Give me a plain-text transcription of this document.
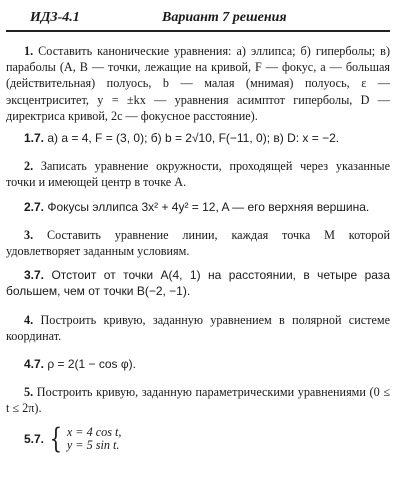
ИДЗ-4.1	Вариант 7 решения

1. Составить канонические уравнения: а) эллипса; б) гиперболы; в) параболы (A, B — точки, лежащие на кривой, F — фокус, a — большая (действительная) полуось, b — малая (мнимая) полуось, ε — эксцентриситет, y = ±kx — уравнения асимптот гиперболы, D — директриса кривой, 2c — фокусное расстояние).

1.7. а) a = 4, F = (3, 0); б) b = 2√10, F(−11, 0); в) D: x = −2.

2. Записать уравнение окружности, проходящей через указанные точки и имеющей центр в точке A.

2.7. Фокусы эллипса 3x² + 4y² = 12, A — его верхняя вершина.

3. Составить уравнение линии, каждая точка M которой удовлетворяет заданным условиям.

3.7. Отстоит от точки A(4, 1) на расстоянии, в четыре раза большем, чем от точки B(−2, −1).

4. Построить кривую, заданную уравнением в полярной системе координат.

4.7. ρ = 2(1 − cos φ).

5. Построить кривую, заданную параметрическими уравнениями (0 ≤ t ≤ 2π).

5.7. { x = 4 cos t,
y = 5 sin t.
